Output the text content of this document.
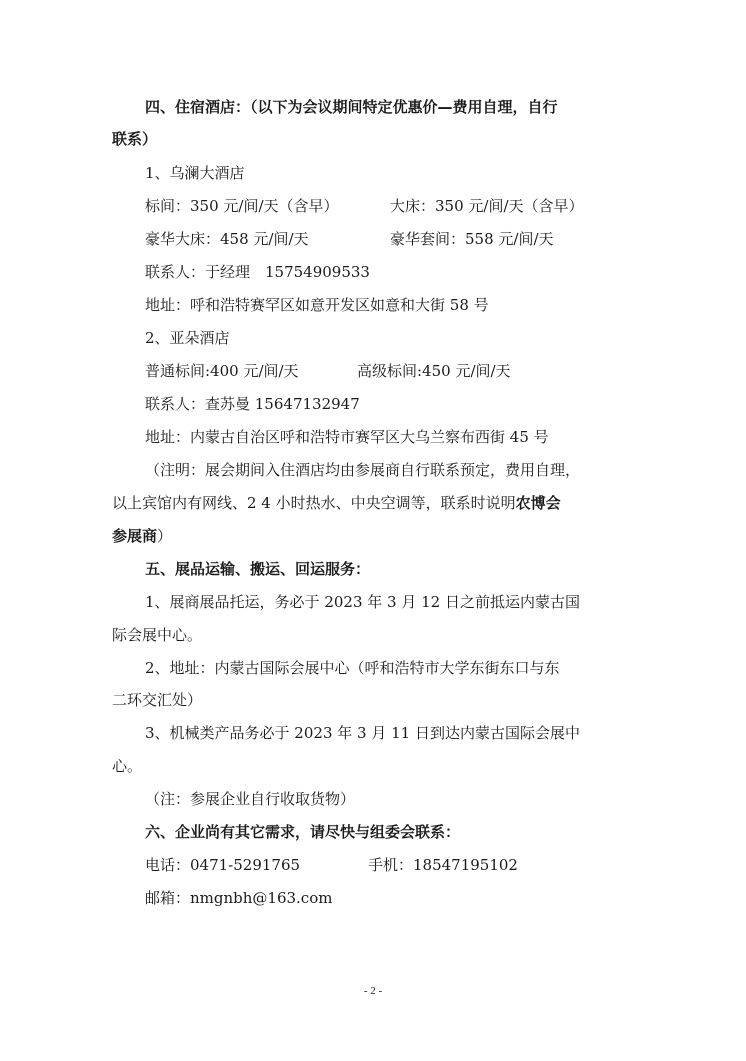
四、住宿酒店：（以下为会议期间特定优惠价—费用自理，自行
联系）
1、乌澜大酒店
标间：350 元/间/天（含早）	大床：350 元/间/天（含早）
豪华大床：458 元/间/天	豪华套间：558 元/间/天
联系人：于经理　15754909533
地址：呼和浩特赛罕区如意开发区如意和大街 58 号
2、亚朵酒店
普通标间:400 元/间/天	高级标间:450 元/间/天
联系人：查苏曼 15647132947
地址：内蒙古自治区呼和浩特市赛罕区大乌兰察布西街 45 号
（注明：展会期间入住酒店均由参展商自行联系预定，费用自理，
以上宾馆内有网线、2 4 小时热水、中央空调等，联系时说明农博会
参展商）
五、展品运输、搬运、回运服务：
1、展商展品托运，务必于 2023 年 3 月 12 日之前抵运内蒙古国
际会展中心。
2、地址：内蒙古国际会展中心（呼和浩特市大学东街东口与东
二环交汇处）
3、机械类产品务必于 2023 年 3 月 11 日到达内蒙古国际会展中
心。
（注：参展企业自行收取货物）
六、企业尚有其它需求，请尽快与组委会联系：
电话：0471-5291765	手机：18547195102
邮箱：nmgnbh@163.com
- 2 -
